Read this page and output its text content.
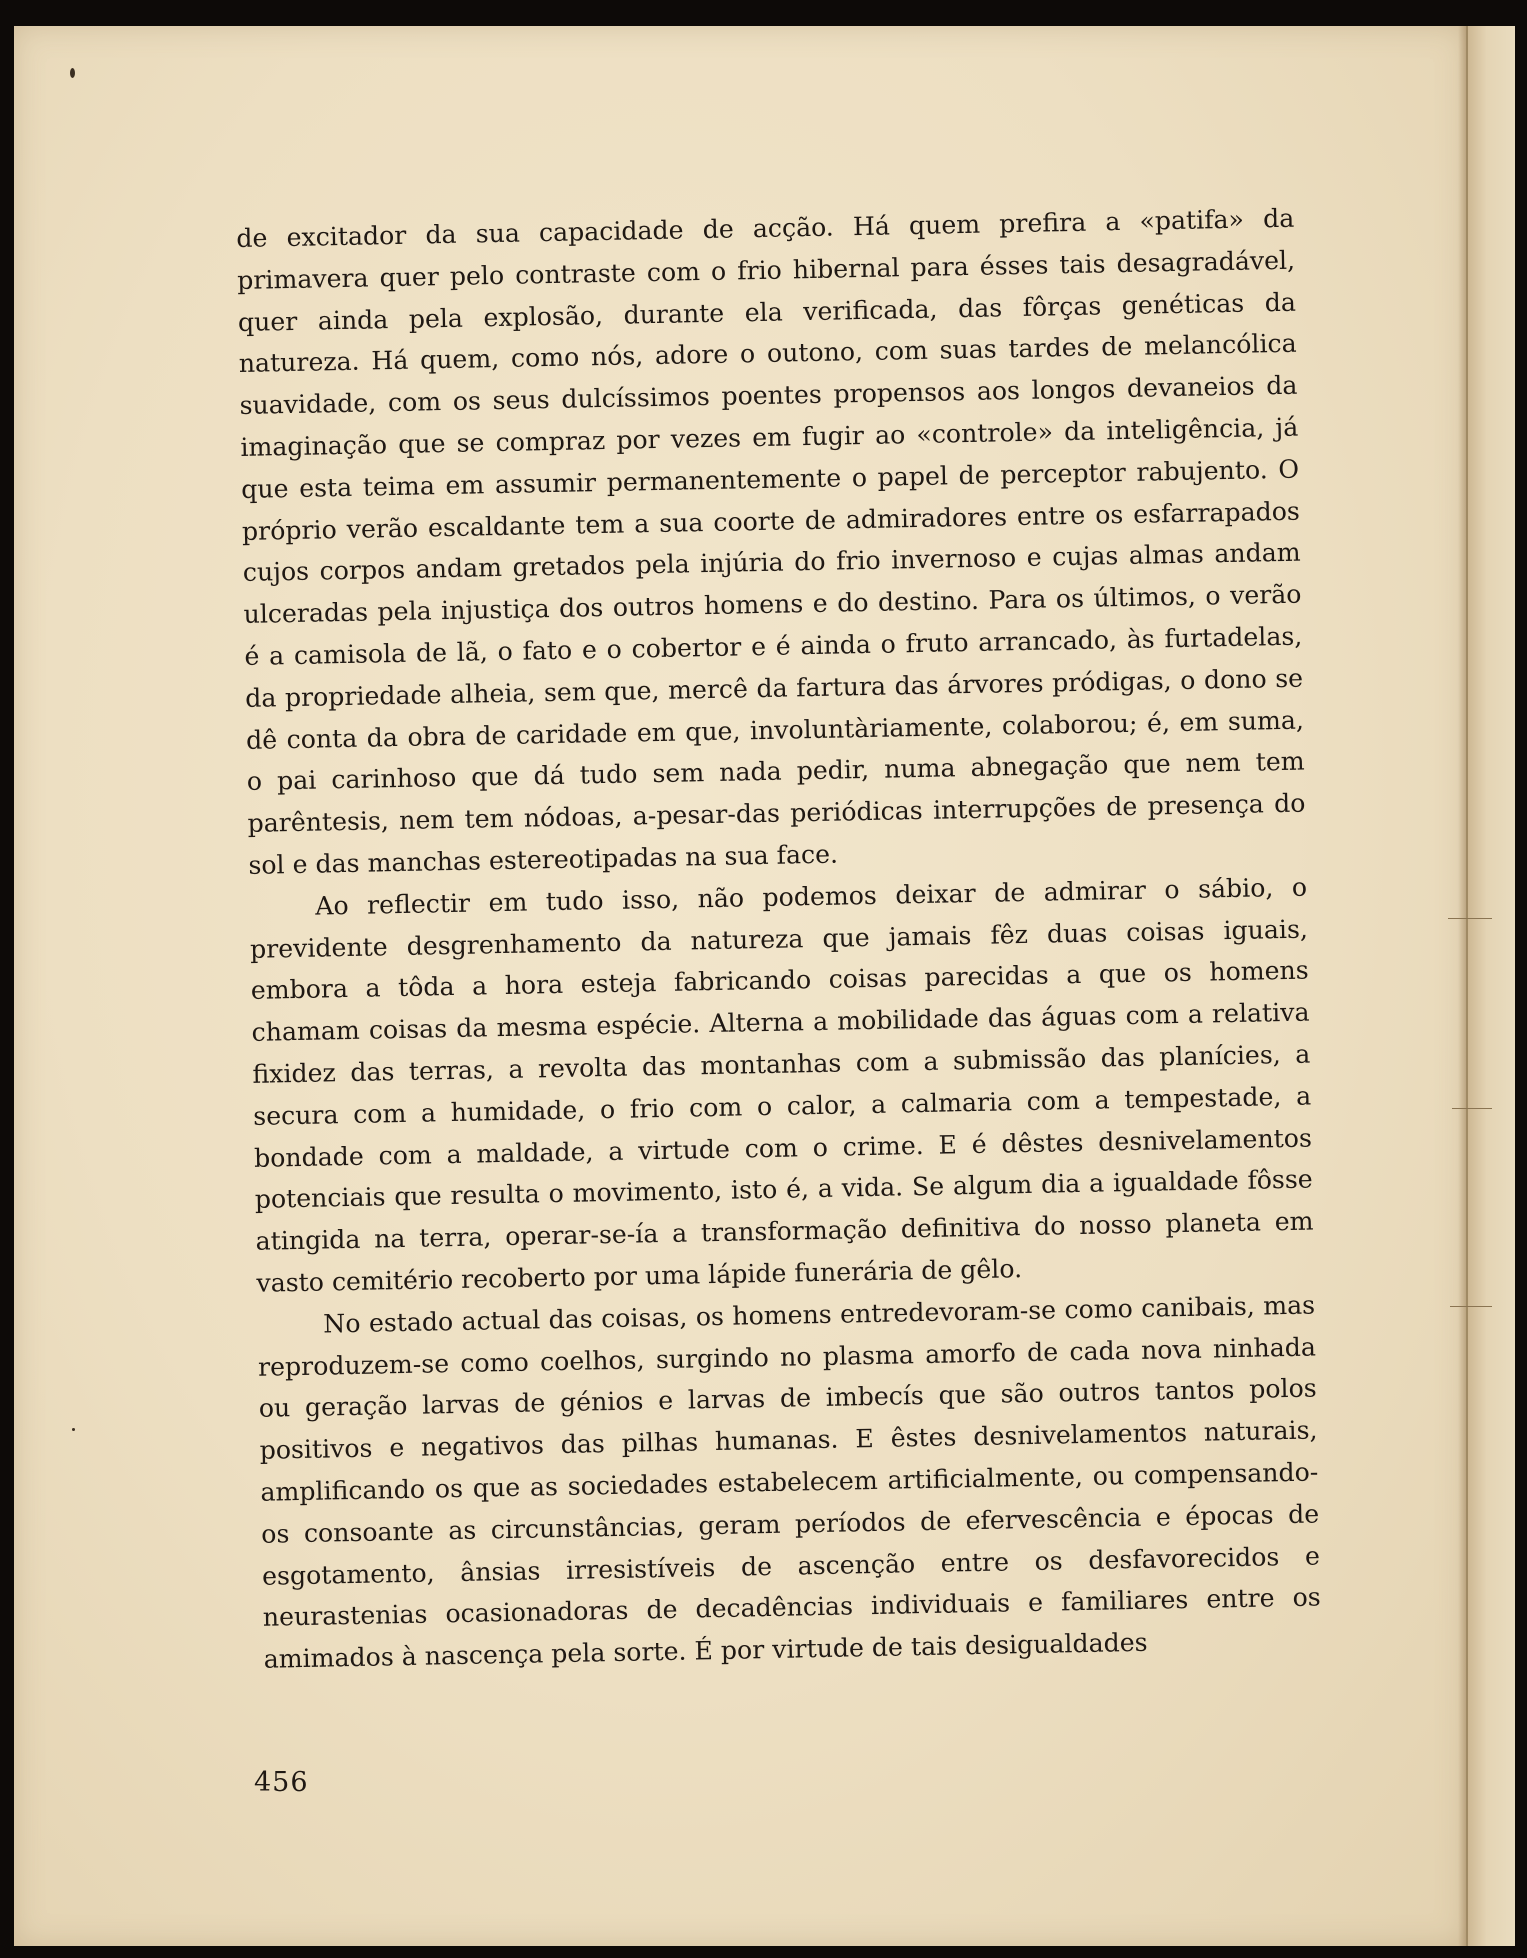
de excitador da sua capacidade de acção. Há quem prefira a «patifa» da primavera quer pelo contraste com o frio hibernal para ésses tais desagradável, quer ainda pela explosão, durante ela verificada, das fôrças genéticas da natureza. Há quem, como nós, adore o outono, com suas tardes de melancólica suavidade, com os seus dulcíssimos poentes propensos aos longos devaneios da imaginação que se compraz por vezes em fugir ao «controle» da inteligência, já que esta teima em assumir permanentemente o papel de perceptor rabujento. O próprio verão escaldante tem a sua coorte de admiradores entre os esfarrapados cujos corpos andam gretados pela injúria do frio invernoso e cujas almas andam ulceradas pela injustiça dos outros homens e do destino. Para os últimos, o verão é a camisola de lã, o fato e o cobertor e é ainda o fruto arrancado, às furtadelas, da propriedade alheia, sem que, mercê da fartura das árvores pródigas, o dono se dê conta da obra de caridade em que, involuntàriamente, colaborou; é, em suma, o pai carinhoso que dá tudo sem nada pedir, numa abnegação que nem tem parêntesis, nem tem nódoas, a-pesar-das periódicas interrupções de presença do sol e das manchas estereotipadas na sua face.

Ao reflectir em tudo isso, não podemos deixar de admirar o sábio, o previdente desgrenhamento da natureza que jamais fêz duas coisas iguais, embora a tôda a hora esteja fabricando coisas parecidas a que os homens chamam coisas da mesma espécie. Alterna a mobilidade das águas com a relativa fixidez das terras, a revolta das montanhas com a submissão das planícies, a secura com a humidade, o frio com o calor, a calmaria com a tempestade, a bondade com a maldade, a virtude com o crime. E é dêstes desnivelamentos potenciais que resulta o movimento, isto é, a vida. Se algum dia a igualdade fôsse atingida na terra, operar-se-ía a transformação definitiva do nosso planeta em vasto cemitério recoberto por uma lápide funerária de gêlo.

No estado actual das coisas, os homens entredevoram-se como canibais, mas reproduzem-se como coelhos, surgindo no plasma amorfo de cada nova ninhada ou geração larvas de génios e larvas de imbecís que são outros tantos polos positivos e negativos das pilhas humanas. E êstes desnivelamentos naturais, amplificando os que as sociedades estabelecem artificialmente, ou compensando-os consoante as circunstâncias, geram períodos de efervescência e épocas de esgotamento, ânsias irresistíveis de ascenção entre os desfavorecidos e neurastenias ocasionadoras de decadências individuais e familiares entre os amimados à nascença pela sorte. É por virtude de tais desigualdades

456
